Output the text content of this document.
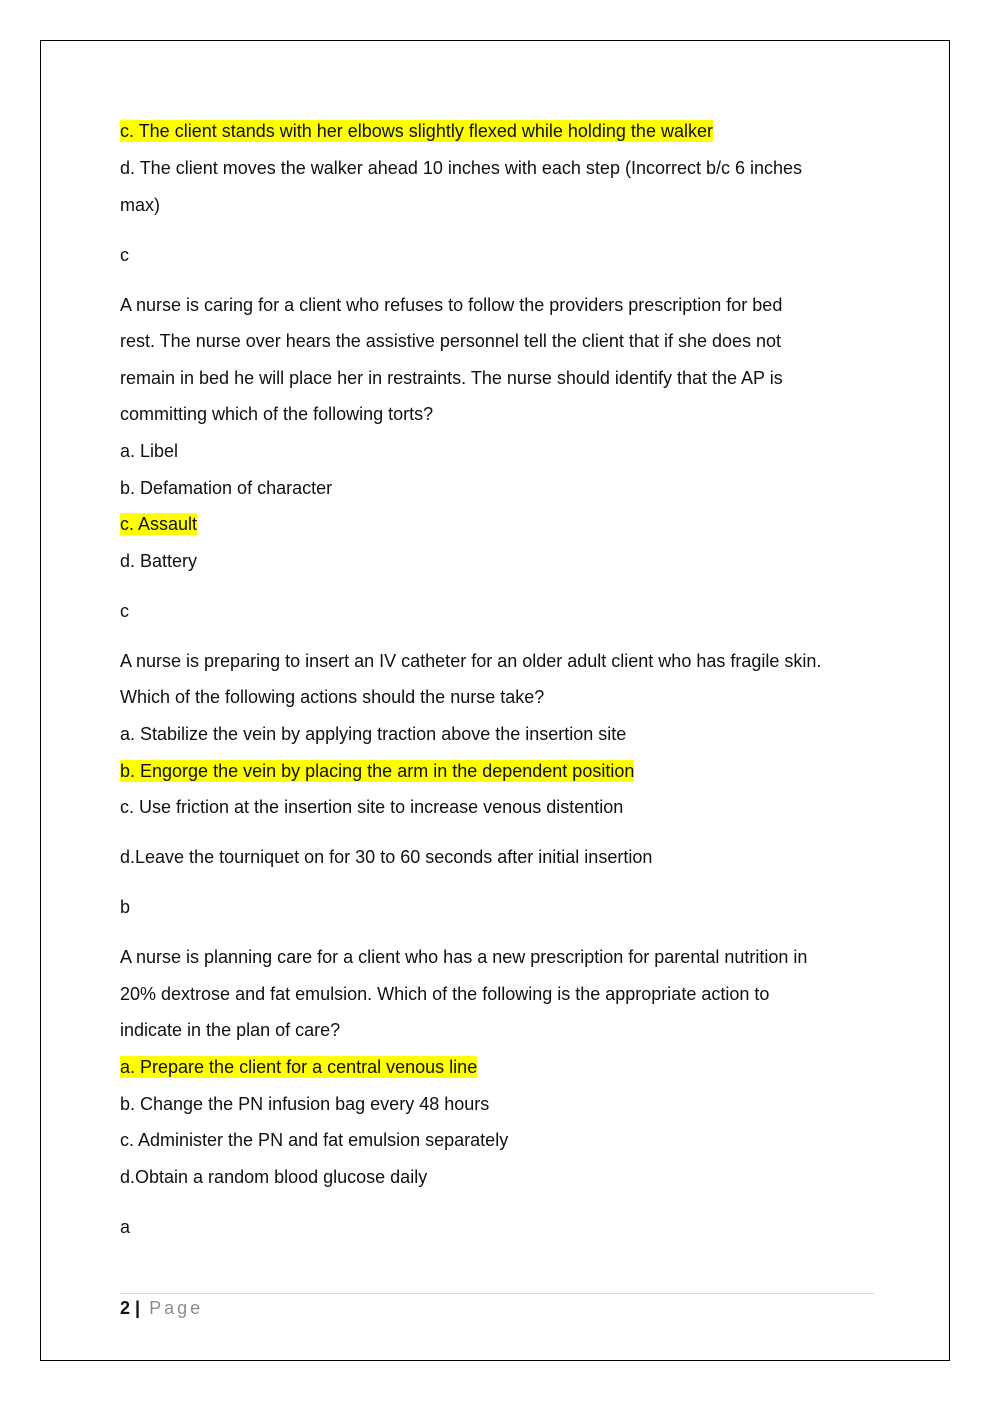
c. The client stands with her elbows slightly flexed while holding the walker
d. The client moves the walker ahead 10 inches with each step (Incorrect b/c 6 inches
max)
c
A nurse is caring for a client who refuses to follow the providers prescription for bed
rest. The nurse over hears the assistive personnel tell the client that if she does not
remain in bed he will place her in restraints. The nurse should identify that the AP is
committing which of the following torts?
a. Libel
b. Defamation of character
c. Assault
d. Battery
c
A nurse is preparing to insert an IV catheter for an older adult client who has fragile skin.
Which of the following actions should the nurse take?
a. Stabilize the vein by applying traction above the insertion site
b. Engorge the vein by placing the arm in the dependent position
c. Use friction at the insertion site to increase venous distention
d.Leave the tourniquet on for 30 to 60 seconds after initial insertion
b
A nurse is planning care for a client who has a new prescription for parental nutrition in
20% dextrose and fat emulsion. Which of the following is the appropriate action to
indicate in the plan of care?
a. Prepare the client for a central venous line
b. Change the PN infusion bag every 48 hours
c. Administer the PN and fat emulsion separately
d.Obtain a random blood glucose daily
a
2 | Page
